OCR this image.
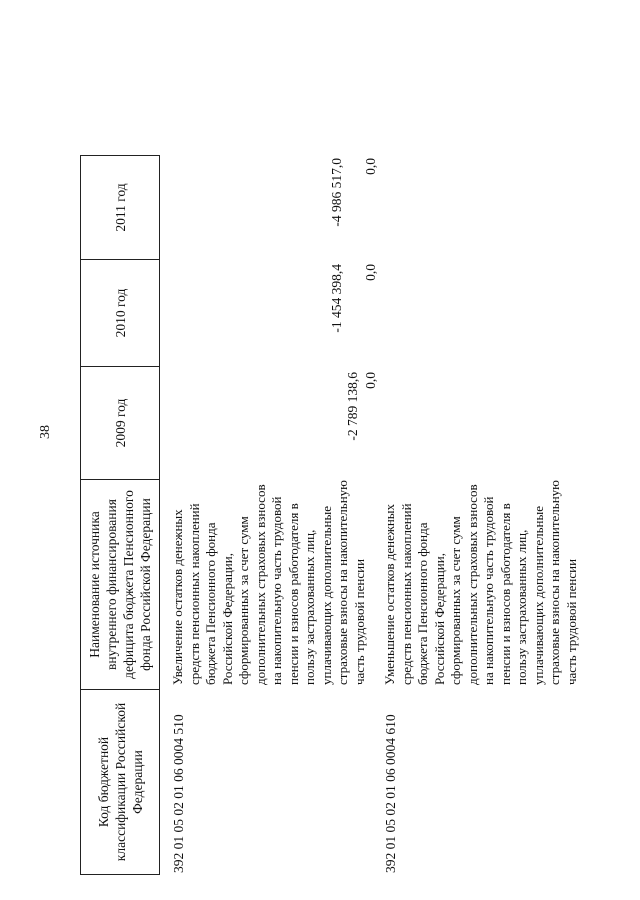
38
Код бюджетной классификации Российской Федерации
Наименование источника внутреннего финансирования дефицита бюджета Пенсионного фонда Российской Федерации
2009 год
2010 год
2011 год
392 01 05 02 01 06 0004 510
Увеличение остатков денежных средств пенсионных накоплений бюджета Пенсионного фонда Российской Федерации, сформированных за счет сумм дополнительных страховых взносов на накопительную часть трудовой пенсии и взносов работодателя в пользу застрахованных лиц, уплачивающих дополнительные страховые взносы на накопительную часть трудовой пенсии
-2 789 138,6
-1 454 398,4
-4 986 517,0
392 01 05 02 01 06 0004 610
Уменьшение остатков денежных средств пенсионных накоплений бюджета Пенсионного фонда Российской Федерации, сформированных за счет сумм дополнительных страховых взносов на накопительную часть трудовой пенсии и взносов работодателя в пользу застрахованных лиц, уплачивающих дополнительные страховые взносы на накопительную часть трудовой пенсии
0,0
0,0
0,0
